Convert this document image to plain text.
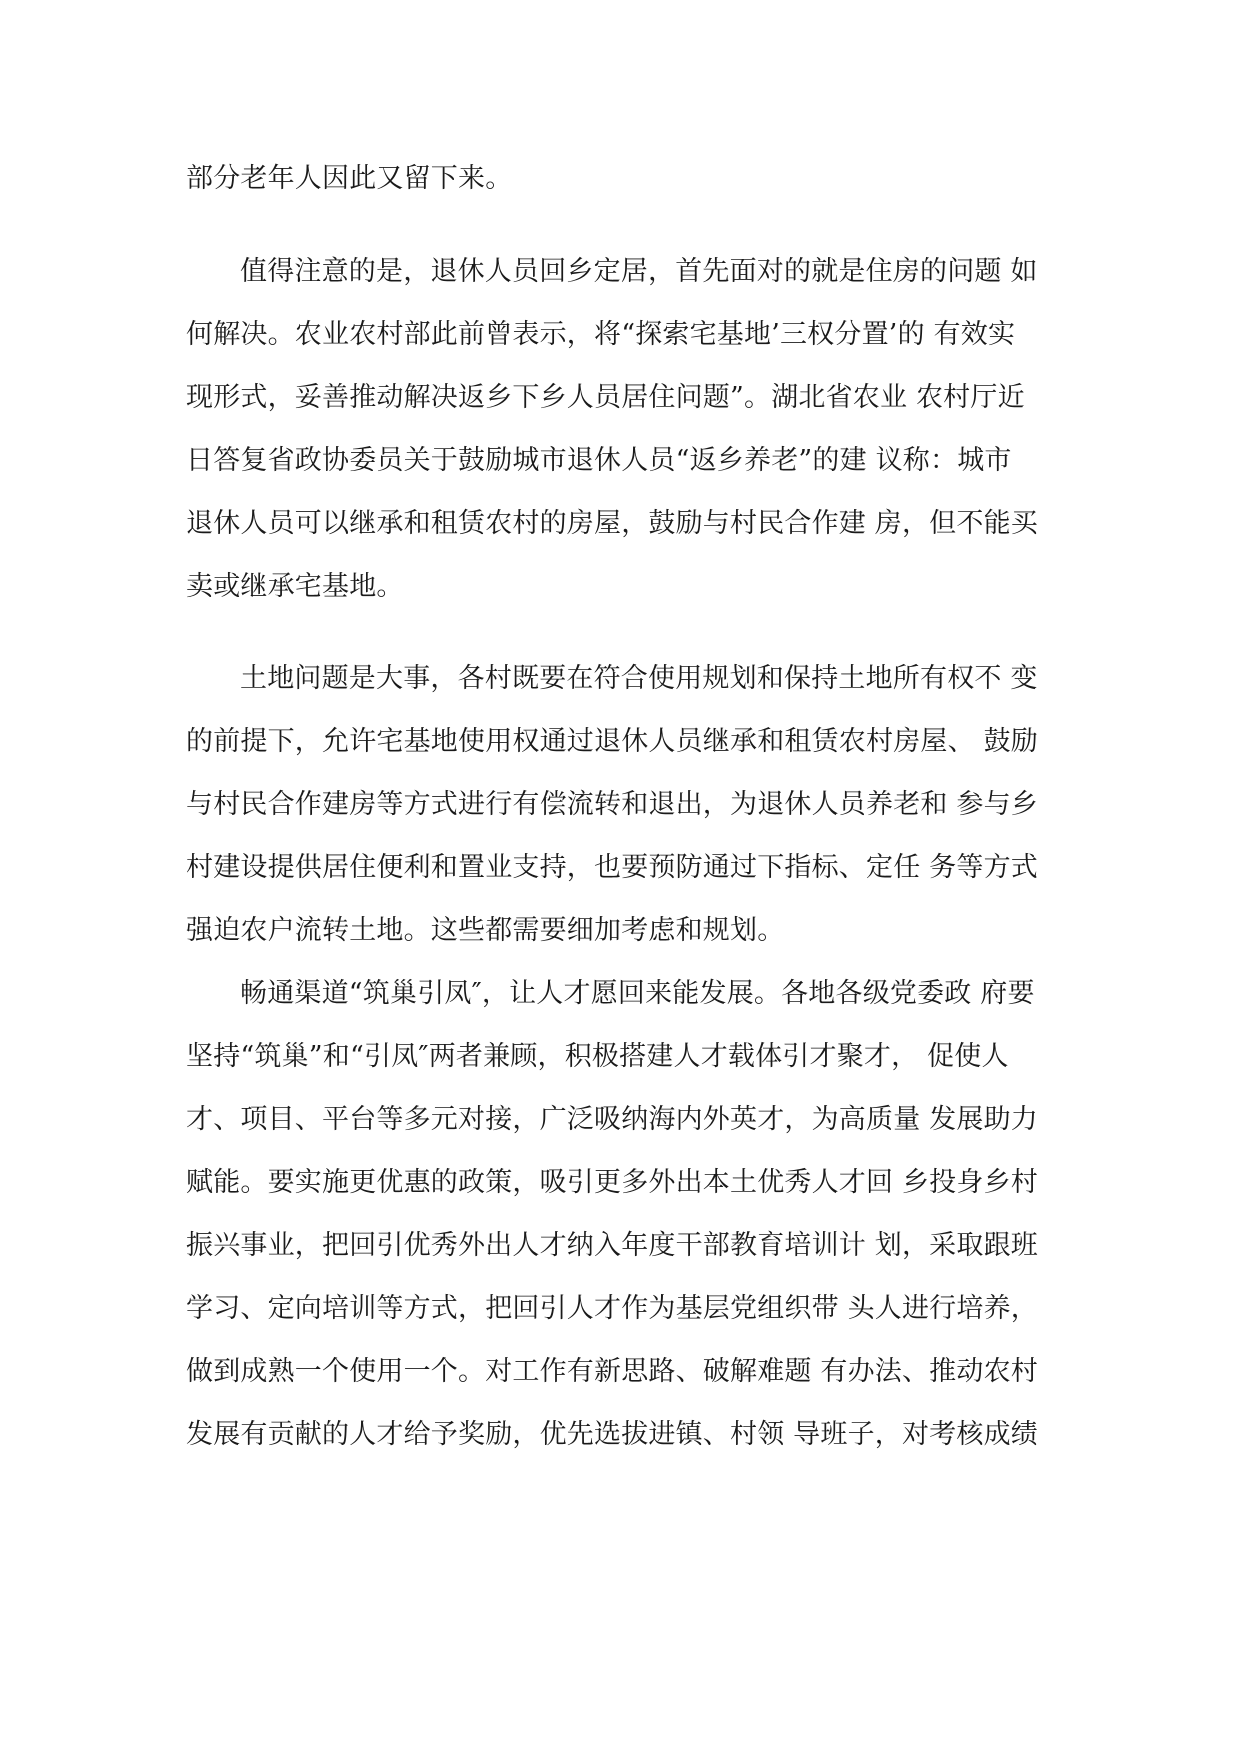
部分老年人因此又留下来。
值得注意的是，退休人员回乡定居，首先面对的就是住房的问题 如
何解决。农业农村部此前曾表示，将“探索宅基地’三权分置’的 有效实
现形式，妥善推动解决返乡下乡人员居住问题”。湖北省农业 农村厅近
日答复省政协委员关于鼓励城市退休人员“返乡养老”的建 议称：城市
退休人员可以继承和租赁农村的房屋，鼓励与村民合作建 房，但不能买
卖或继承宅基地。
土地问题是大事，各村既要在符合使用规划和保持土地所有权不 变
的前提下，允许宅基地使用权通过退休人员继承和租赁农村房屋、 鼓励
与村民合作建房等方式进行有偿流转和退出，为退休人员养老和 参与乡
村建设提供居住便利和置业支持，也要预防通过下指标、定任 务等方式
强迫农户流转土地。这些都需要细加考虑和规划。
畅通渠道“筑巢引凤″，让人才愿回来能发展。各地各级党委政 府要
坚持“筑巢”和“引凤″两者兼顾，积极搭建人才载体引才聚才， 促使人
才、项目、平台等多元对接，广泛吸纳海内外英才，为高质量 发展助力
赋能。要实施更优惠的政策，吸引更多外出本土优秀人才回 乡投身乡村
振兴事业，把回引优秀外出人才纳入年度干部教育培训计 划，采取跟班
学习、定向培训等方式，把回引人才作为基层党组织带 头人进行培养，
做到成熟一个使用一个。对工作有新思路、破解难题 有办法、推动农村
发展有贡献的人才给予奖励，优先选拔进镇、村领 导班子，对考核成绩
